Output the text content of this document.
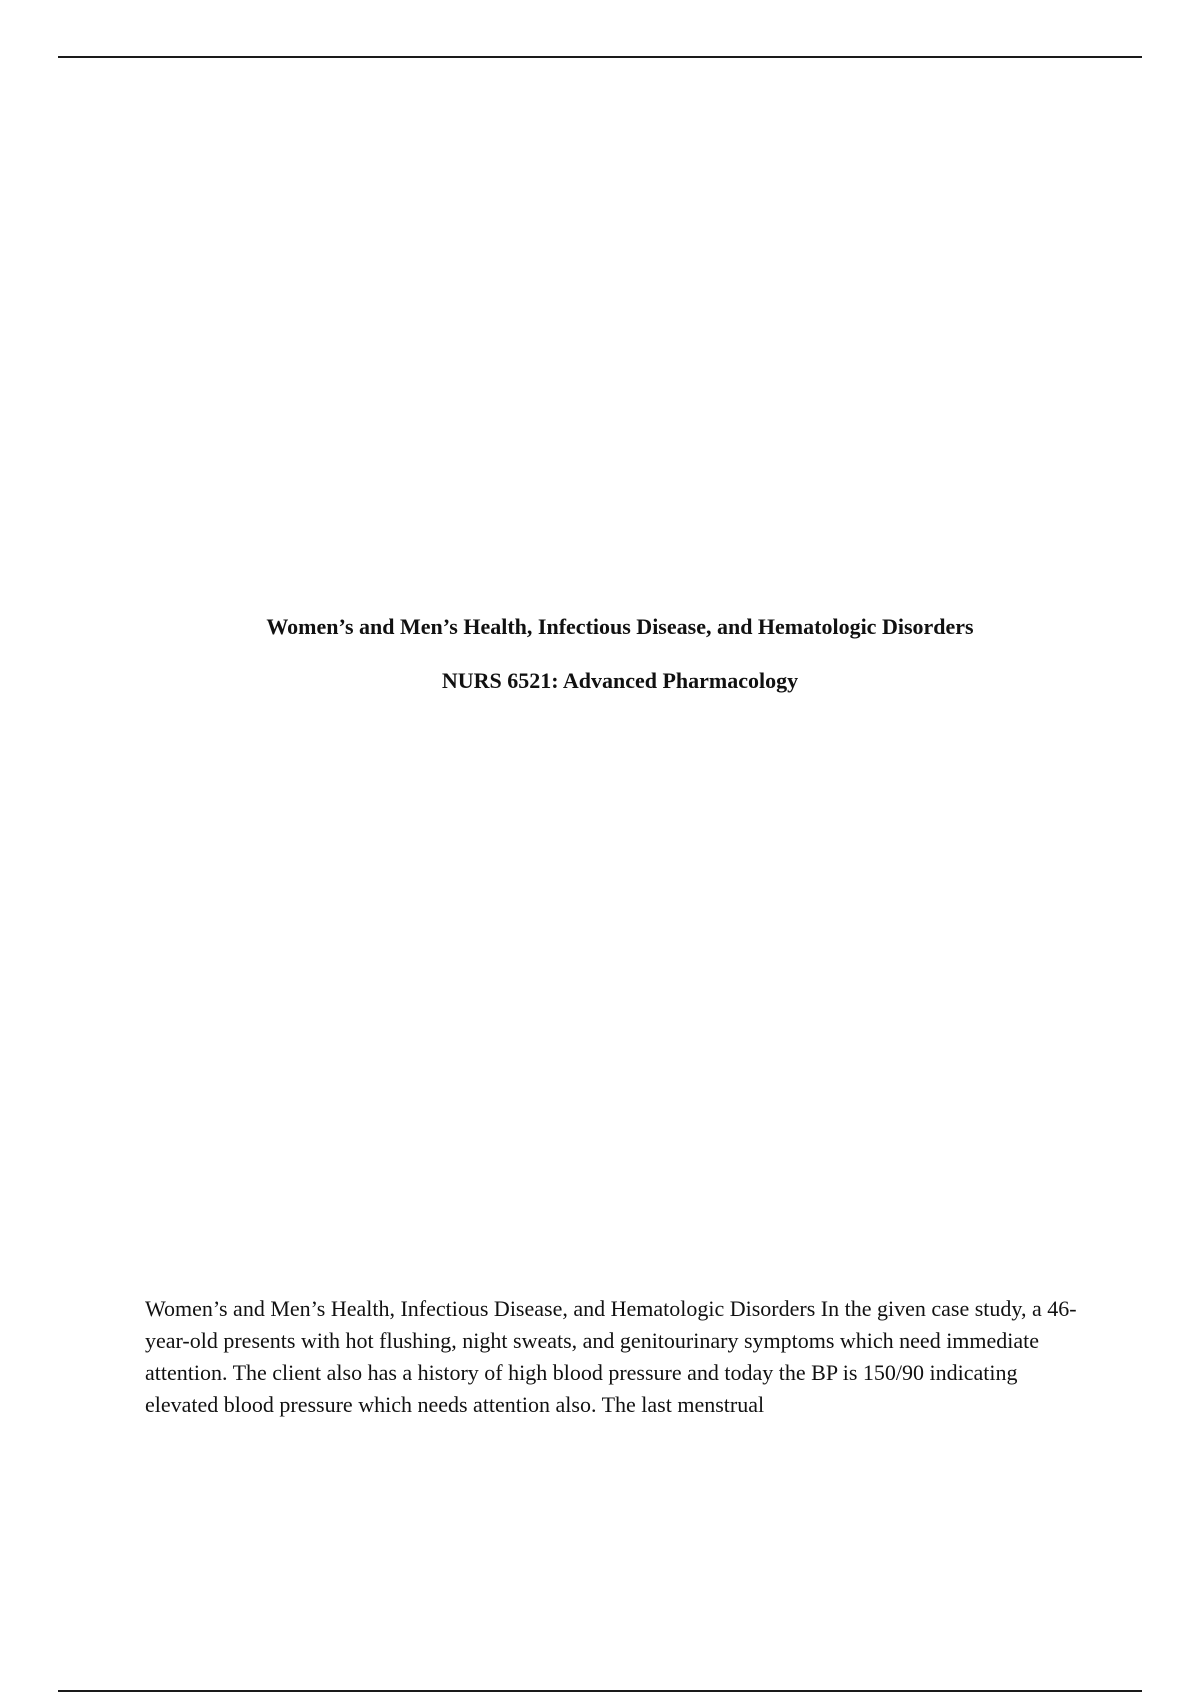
Women’s and Men’s Health, Infectious Disease, and Hematologic Disorders

NURS 6521: Advanced Pharmacology

Women’s and Men’s Health, Infectious Disease, and Hematologic Disorders In the given case study, a 46-year-old presents with hot flushing, night sweats, and genitourinary symptoms which need immediate attention. The client also has a history of high blood pressure and today the BP is 150/90 indicating elevated blood pressure which needs attention also. The last menstrual
